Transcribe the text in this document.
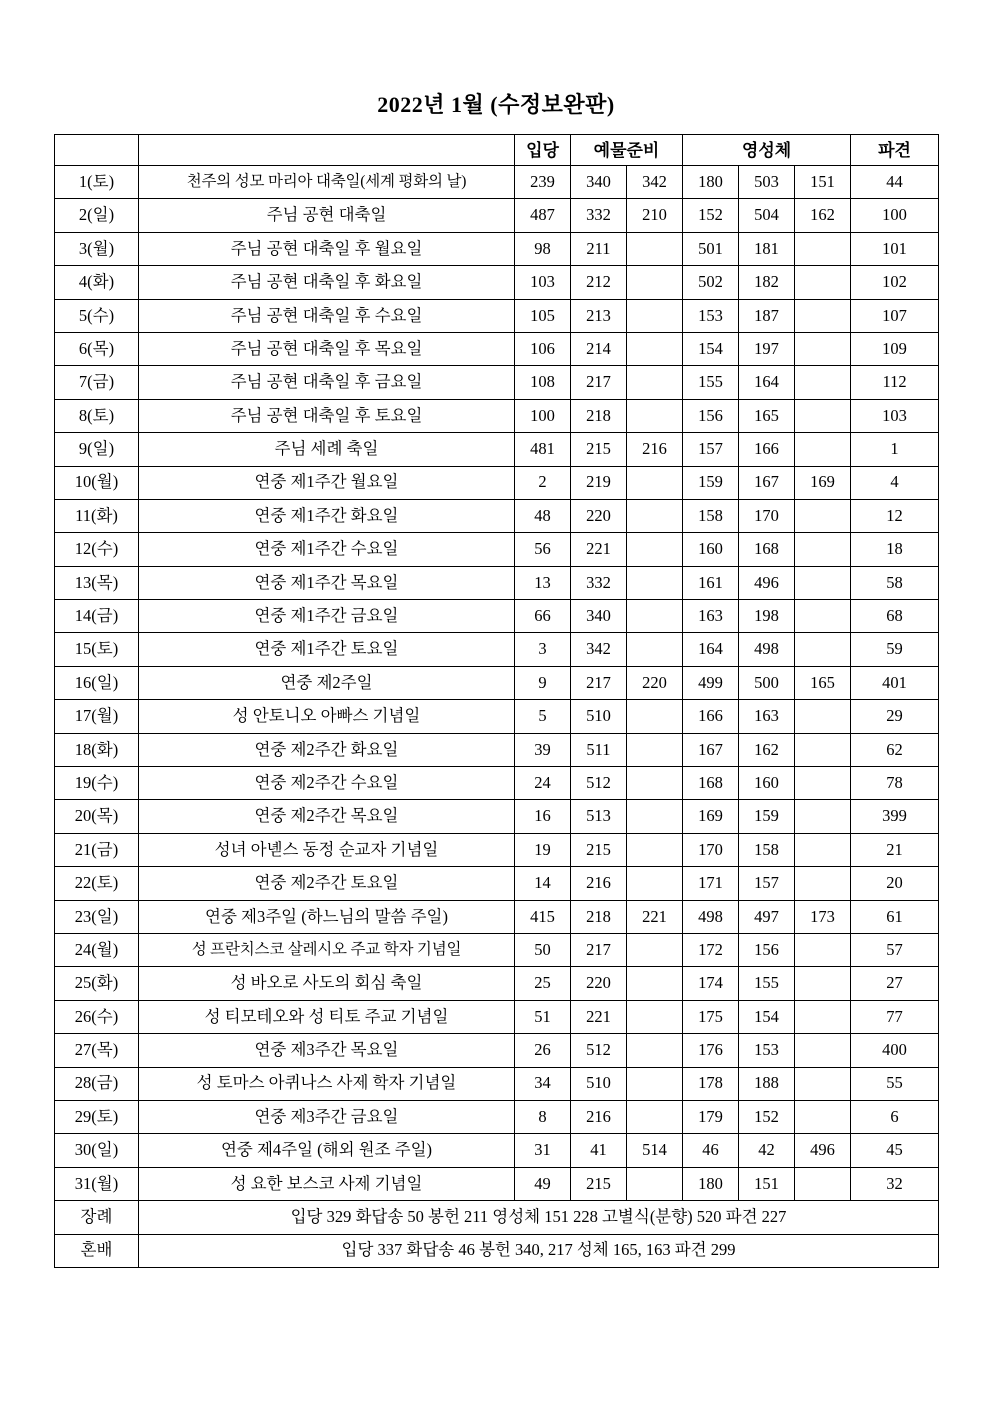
2022년 1월 (수정보완판)
		입당	예물준비		영성체			파견
1(토)	천주의 성모 마리아 대축일(세계 평화의 날)	239	340	342	180	503	151	44
2(일)	주님 공현 대축일	487	332	210	152	504	162	100
3(월)	주님 공현 대축일 후 월요일	98	211		501	181		101
4(화)	주님 공현 대축일 후 화요일	103	212		502	182		102
5(수)	주님 공현 대축일 후 수요일	105	213		153	187		107
6(목)	주님 공현 대축일 후 목요일	106	214		154	197		109
7(금)	주님 공현 대축일 후 금요일	108	217		155	164		112
8(토)	주님 공현 대축일 후 토요일	100	218		156	165		103
9(일)	주님 세례 축일	481	215	216	157	166		1
10(월)	연중 제1주간 월요일	2	219		159	167	169	4
11(화)	연중 제1주간 화요일	48	220		158	170		12
12(수)	연중 제1주간 수요일	56	221		160	168		18
13(목)	연중 제1주간 목요일	13	332		161	496		58
14(금)	연중 제1주간 금요일	66	340		163	198		68
15(토)	연중 제1주간 토요일	3	342		164	498		59
16(일)	연중 제2주일	9	217	220	499	500	165	401
17(월)	성 안토니오 아빠스 기념일	5	510		166	163		29
18(화)	연중 제2주간 화요일	39	511		167	162		62
19(수)	연중 제2주간 수요일	24	512		168	160		78
20(목)	연중 제2주간 목요일	16	513		169	159		399
21(금)	성녀 아녣스 동정 순교자 기념일	19	215		170	158		21
22(토)	연중 제2주간 토요일	14	216		171	157		20
23(일)	연중 제3주일 (하느님의 말씀 주일)	415	218	221	498	497	173	61
24(월)	성 프란치스코 살레시오 주교 학자 기념일	50	217		172	156		57
25(화)	성 바오로 사도의 회심 축일	25	220		174	155		27
26(수)	성 티모테오와 성 티토 주교 기념일	51	221		175	154		77
27(목)	연중 제3주간 목요일	26	512		176	153		400
28(금)	성 토마스 아퀴나스 사제 학자 기념일	34	510		178	188		55
29(토)	연중 제3주간 금요일	8	216		179	152		6
30(일)	연중 제4주일 (해외 원조 주일)	31	41	514	46	42	496	45
31(월)	성 요한 보스코 사제 기념일	49	215		180	151		32
장례	입당 329 화답송 50 봉헌 211 영성체 151 228 고별식(분향) 520 파견 227							
혼배	입당 337 화답송 46 봉헌 340, 217 성체 165, 163 파견 299							
